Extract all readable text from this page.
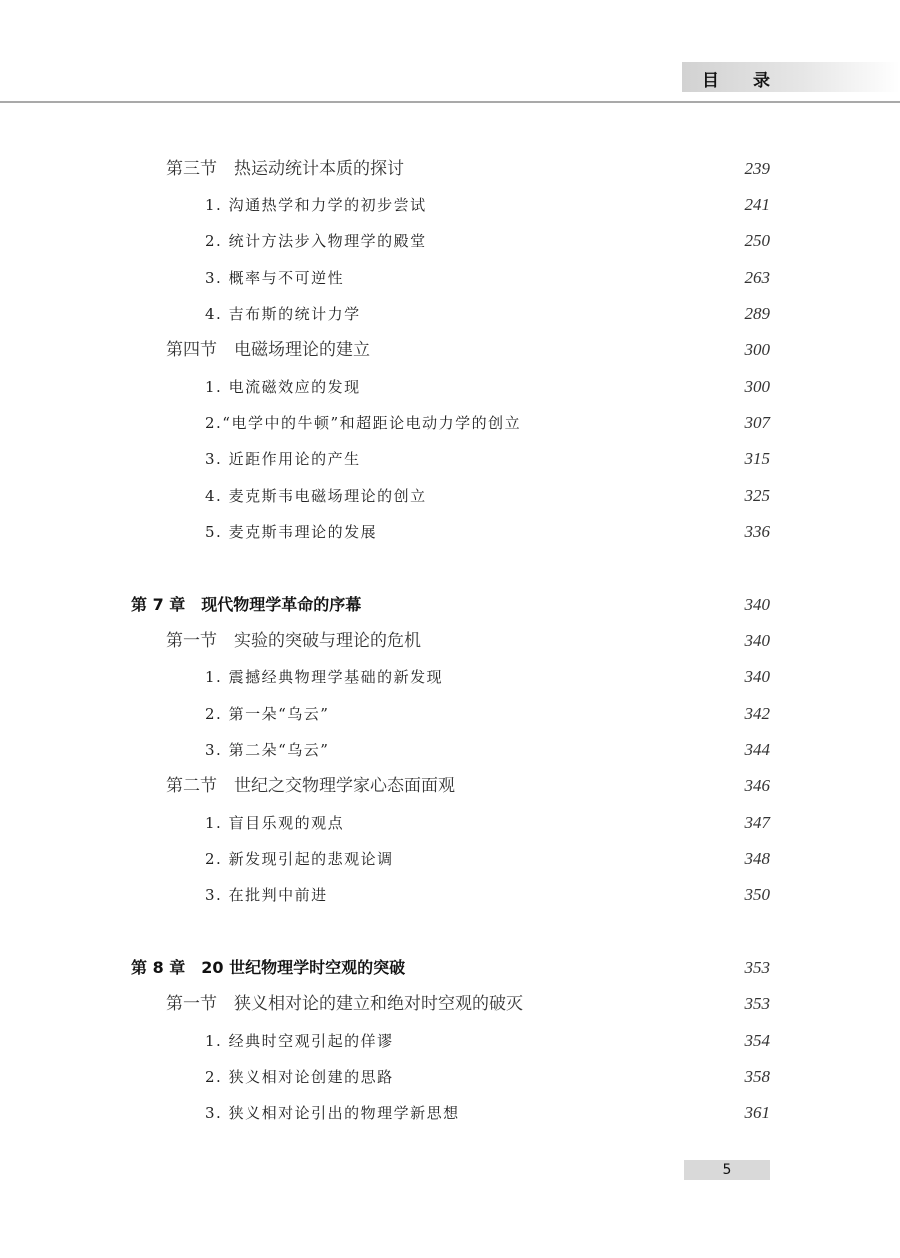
目录
第三节　热运动统计本质的探讨	239
1. 沟通热学和力学的初步尝试	241
2. 统计方法步入物理学的殿堂	250
3. 概率与不可逆性	263
4. 吉布斯的统计力学	289
第四节　电磁场理论的建立	300
1. 电流磁效应的发现	300
2.“电学中的牛顿”和超距论电动力学的创立	307
3. 近距作用论的产生	315
4. 麦克斯韦电磁场理论的创立	325
5. 麦克斯韦理论的发展	336
第 7 章　现代物理学革命的序幕	340
第一节　实验的突破与理论的危机	340
1. 震撼经典物理学基础的新发现	340
2. 第一朵“乌云”	342
3. 第二朵“乌云”	344
第二节　世纪之交物理学家心态面面观	346
1. 盲目乐观的观点	347
2. 新发现引起的悲观论调	348
3. 在批判中前进	350
第 8 章　20 世纪物理学时空观的突破	353
第一节　狭义相对论的建立和绝对时空观的破灭	353
1. 经典时空观引起的佯谬	354
2. 狭义相对论创建的思路	358
3. 狭义相对论引出的物理学新思想	361
5
